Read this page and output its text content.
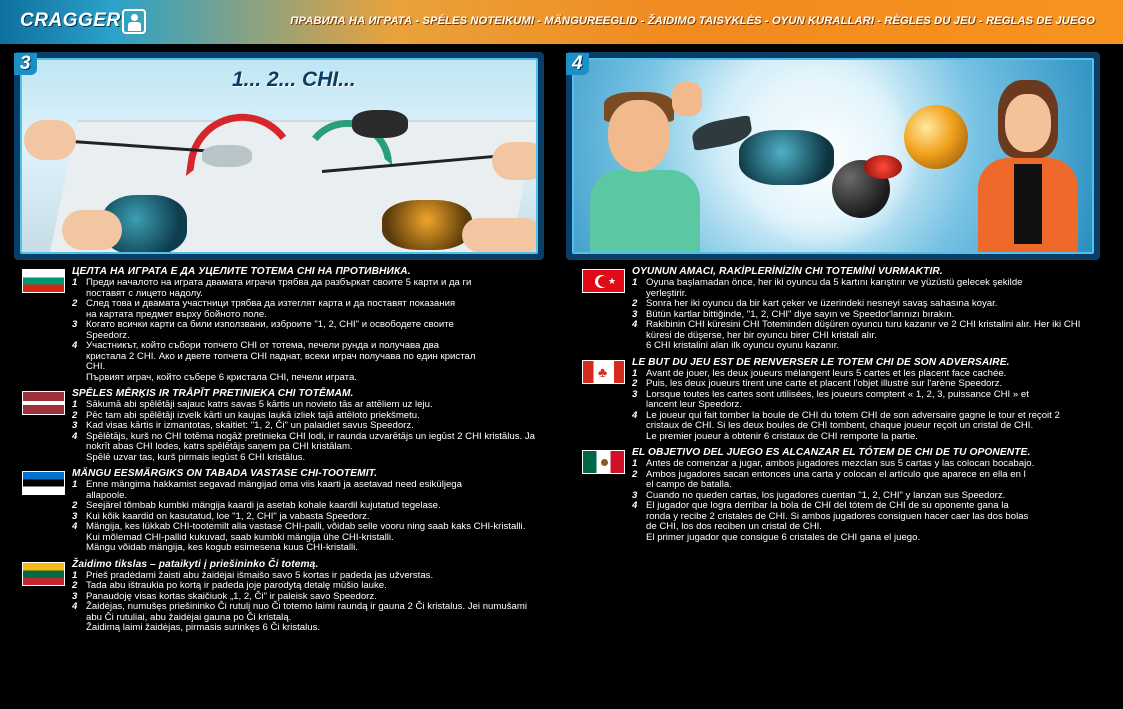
CRAGGER	ПРАВИЛА НА ИГРАТА - SPĒLES NOTEIKUMI - MÄNGUREEGLID - ŽAIDIMO TAISYKLĖS - OYUN KURALLARI - RÈGLES DU JEU - REGLAS DE JUEGO
1... 2... CHI...
3	4
ЦЕЛТА НА ИГРАТА Е ДА УЦЕЛИТЕ ТОТЕМА CHI НА ПРОТИВНИКА.
1 Преди началото на играта двамата играчи трябва да разбъркат своите 5 карти и да ги
поставят с лицето надолу.
2 След това и двамата участници трябва да изтеглят карта и да поставят показания
на картата предмет върху бойното поле.
3 Когато всички карти са били използвани, изброите "1, 2, CHI" и освободете своите
Speedorz.
4 Участникът, който събори топчето CHI от тотема, печели рунда и получава два
кристала 2 CHI. Ако и двете топчета CHI паднат, всеки играч получава по един кристал
CHI.
Първият играч, който събере 6 кристала CHI, печели играта.
SPĒLES MĒRĶIS IR TRĀPĪT PRETINIEKA CHI TOTĒMAM.
1 Sākumā abi spēlētāji sajauc katrs savas 5 kārtis un novieto tās ar attēliem uz leju.
2 Pēc tam abi spēlētāji izvelk kārti un kaujas laukā izliek tajā attēloto priekšmetu.
3 Kad visas kārtis ir izmantotas, skaitiet: "1, 2, Či" un palaidiet savus Speedorz.
4 Spēlētājs, kurš no CHI totēma nogāž pretinieka CHI lodi, ir raunda uzvarētājs un iegūst 2 CHI kristālus. Ja
nokrīt abas CHI lodes, katrs spēlētājs saņem pa CHI kristālam.
Spēlē uzvar tas, kurš pirmais iegūst 6 CHI kristālus.
MÄNGU EESMÄRGIKS ON TABADA VASTASE CHI-TOOTEMIT.
1 Enne mängima hakkamist segavad mängijad oma viis kaarti ja asetavad need esiküljega
allapoole.
2 Seejärel tõmbab kumbki mängija kaardi ja asetab kohale kaardil kujutatud tegelase.
3 Kui kõik kaardid on kasutatud, loe "1, 2, CHI" ja vabasta Speedorz.
4 Mängija, kes lükkab CHI-tootemilt alla vastase CHI-palli, võidab selle vooru ning saab kaks CHI-kristalli.
Kui mõlemad CHI-pallid kukuvad, saab kumbki mängija ühe CHI-kristalli.
Mängu võidab mängija, kes kogub esimesena kuus CHI-kristalli.
Žaidimo tikslas – pataikyti į priešininko Či totemą.
1 Prieš pradėdami žaisti abu žaidėjai išmaišo savo 5 kortas ir padeda jas užverstas.
2 Tada abu ištraukia po kortą ir padeda joje parodytą detalę mūšio lauke.
3 Panaudoję visas kortas skaičiuok „1, 2, Či" ir paleisk savo Speedorz.
4 Žaidėjas, numušęs priešininko Či rutulį nuo Či totemo laimi raundą ir gauna 2 Či kristalus. Jei numušami
abu Či rutuliai, abu žaidėjai gauna po Či kristalą.
Žaidimą laimi žaidėjas, pirmasis surinkęs 6 Či kristalus.
★
OYUNUN AMACI, RAKİPLERİNİZİN CHI TOTEMİNİ VURMAKTIR.
1 Oyuna başlamadan önce, her iki oyuncu da 5 kartını karıştırır ve yüzüstü gelecek şekilde
yerleştirir.
2 Sonra her iki oyuncu da bir kart çeker ve üzerindeki nesneyi savaş sahasına koyar.
3 Bütün kartlar bittiğinde, "1, 2, CHI" diye sayın ve Speedor'larınızı bırakın.
4 Rakibinin CHI küresini CHI Toteminden düşüren oyuncu turu kazanır ve 2 CHI kristalini alır. Her iki CHI
küresi de düşerse, her bir oyuncu birer CHI kristali alır.
6 CHI kristalini alan ilk oyuncu oyunu kazanır.
♣
LE BUT DU JEU EST DE RENVERSER LE TOTEM CHI DE SON ADVERSAIRE.
1 Avant de jouer, les deux joueurs mélangent leurs 5 cartes et les placent face cachée.
2 Puis, les deux joueurs tirent une carte et placent l'objet illustré sur l'arène Speedorz.
3 Lorsque toutes les cartes sont utilisées, les joueurs comptent « 1, 2, 3, puissance CHI » et
lancent leur Speedorz.
4 Le joueur qui fait tomber la boule de CHI du totem CHI de son adversaire gagne le tour et reçoit 2
cristaux de CHI. Si les deux boules de CHI tombent, chaque joueur reçoit un cristal de CHI.
Le premier joueur à obtenir 6 cristaux de CHI remporte la partie.
EL OBJETIVO DEL JUEGO ES ALCANZAR EL TÓTEM DE CHI DE TU OPONENTE.
1 Antes de comenzar a jugar, ambos jugadores mezclan sus 5 cartas y las colocan bocabajo.
2 Ambos jugadores sacan entonces una carta y colocan el artículo que aparece en ella en l
el campo de batalla.
3 Cuando no queden cartas, los jugadores cuentan "1, 2, CHI" y lanzan sus Speedorz.
4 El jugador que logra derribar la bola de CHI del tótem de CHI de su oponente gana la
ronda y recibe 2 cristales de CHI. Si ambos jugadores consiguen hacer caer las dos bolas
de CHI, los dos reciben un cristal de CHI.
El primer jugador que consigue 6 cristales de CHI gana el juego.
